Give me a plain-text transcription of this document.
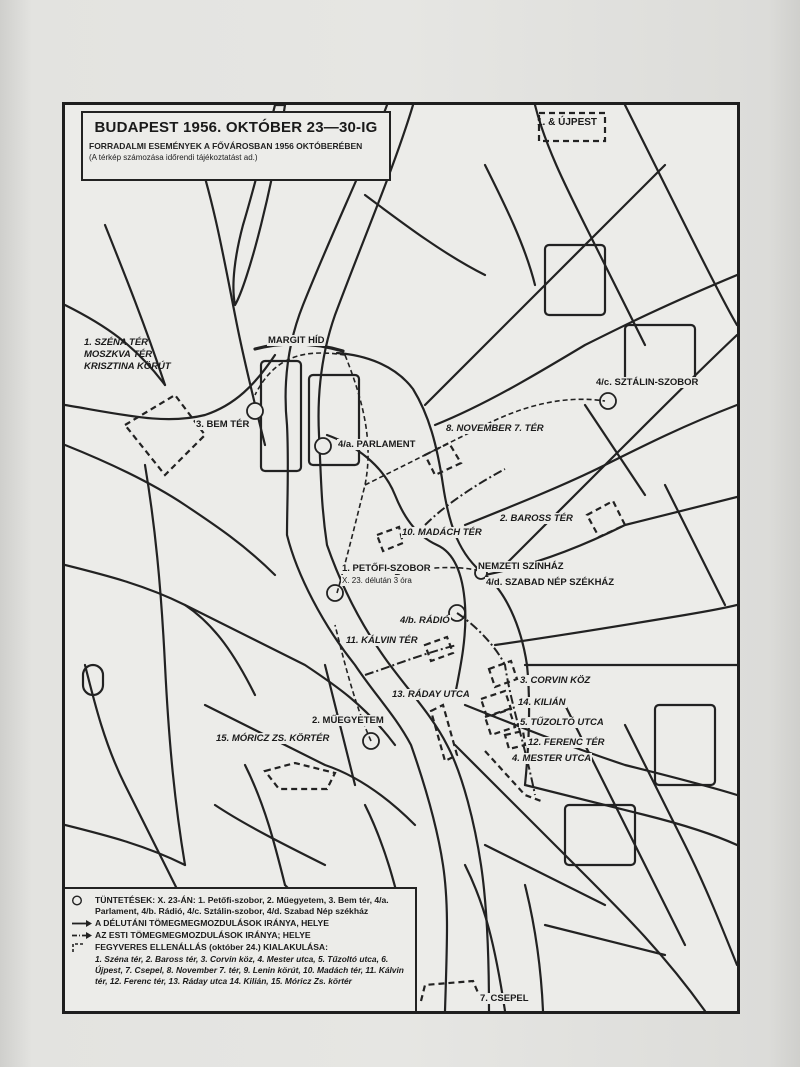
BUDAPEST 1956. OKTÓBER 23—30-IG
FORRADALMI ESEMÉNYEK A FŐVÁROSBAN 1956 OKTÓBERÉBEN
(A térkép számozása időrendi tájékoztatást ad.)
1. & ÚJPEST
1. SZÉNA TÉR MOSZKVA TÉR KRISZTINA KÖRÚT
MARGIT HÍD
3. BEM TÉR
4/a. PARLAMENT
4/c. SZTÁLIN-SZOBOR
8. NOVEMBER 7. TÉR
2. BAROSS TÉR
10. MADÁCH TÉR
1. PETŐFI-SZOBOR
X. 23. délután 3 óra
NEMZETI SZÍNHÁZ
4/d. SZABAD NÉP SZÉKHÁZ
4/b. RÁDIÓ
11. KÁLVIN TÉR
3. CORVIN KÖZ
14. KILIÁN
5. TŰZOLTÓ UTCA
13. RÁDAY UTCA
12. FERENC TÉR
2. MŰEGYETEM
15. MÓRICZ ZS. KÖRTÉR
4. MESTER UTCA
7. CSEPEL
TÜNTETÉSEK: X. 23-ÁN: 1. Petőfi-szobor, 2. Műegyetem, 3. Bem tér, 4/a. Parlament, 4/b. Rádió, 4/c. Sztálin-szobor, 4/d. Szabad Nép székház
A DÉLUTÁNI TÖMEGMEGMOZDULÁSOK IRÁNYA, HELYE
AZ ESTI TÖMEGMEGMOZDULÁSOK IRÁNYA; HELYE
FEGYVERES ELLENÁLLÁS (október 24.) KIALAKULÁSA:
1. Széna tér, 2. Baross tér, 3. Corvin köz, 4. Mester utca, 5. Tűzoltó utca, 6. Újpest, 7. Csepel, 8. November 7. tér, 9. Lenin körút, 10. Madách tér, 11. Kálvin tér, 12. Ferenc tér, 13. Ráday utca 14. Kilián, 15. Móricz Zs. körtér
